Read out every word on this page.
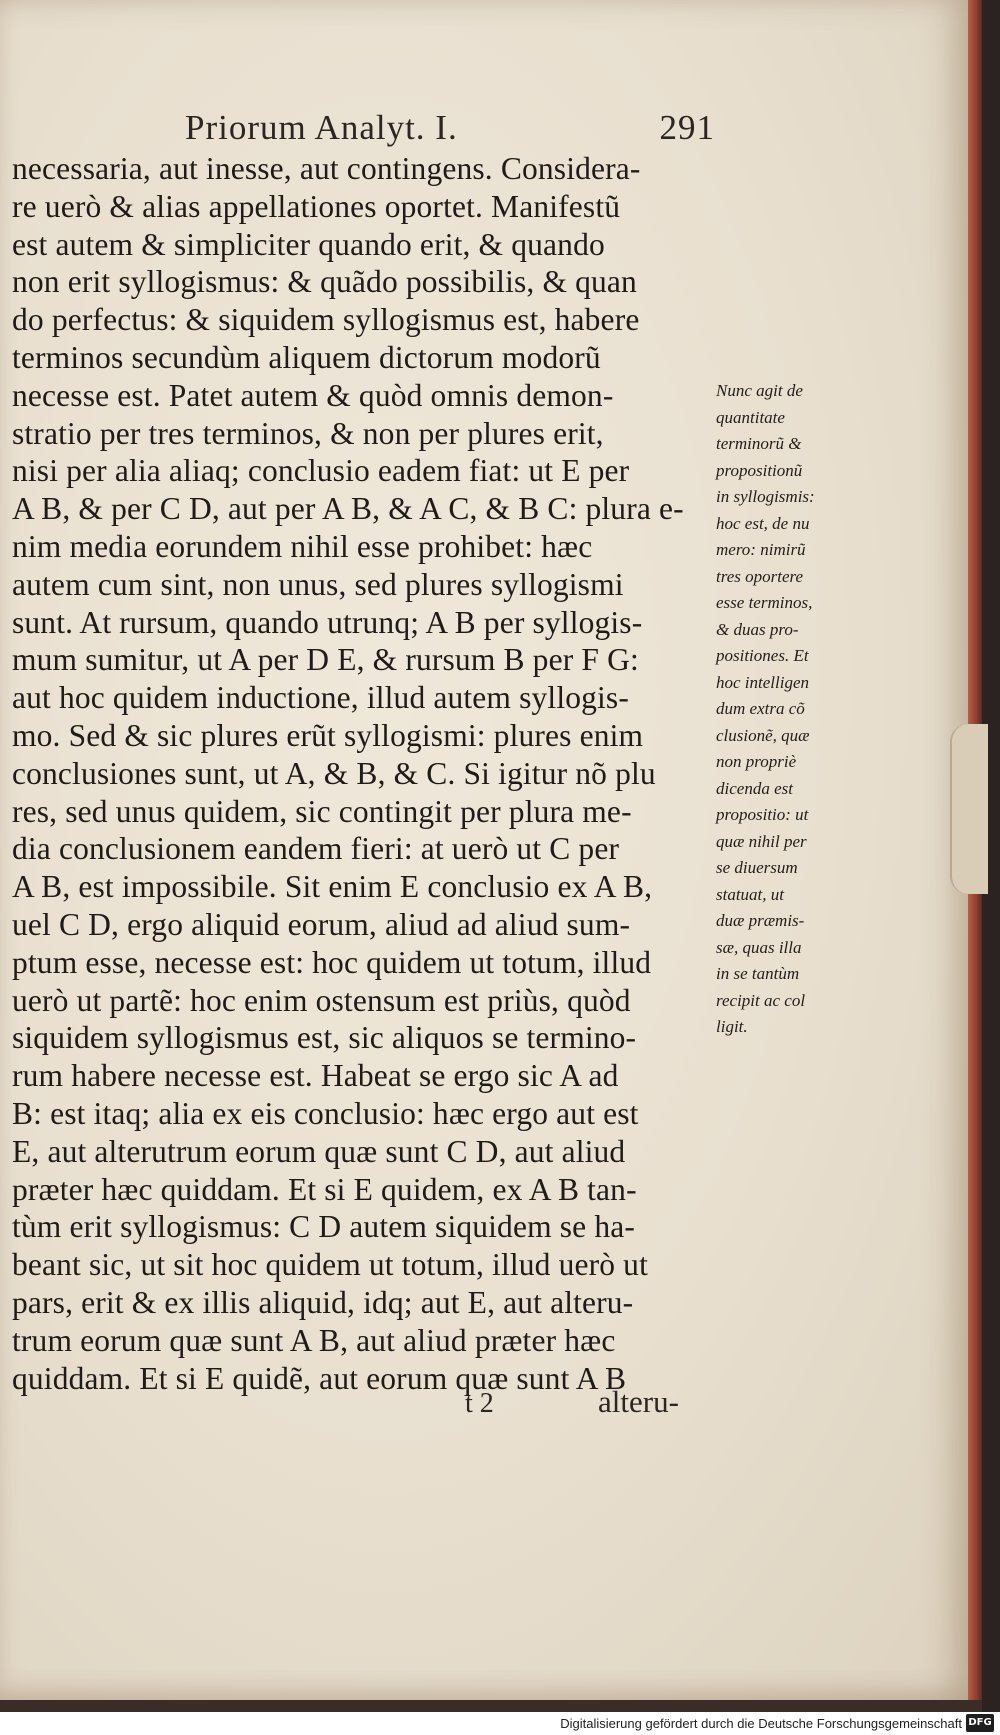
Priorum Analyt. I.	291
necessaria, aut inesse, aut contingens. Considera-
re uerò & alias appellationes oportet. Manifestũ
est autem & simpliciter quando erit, & quando
non erit syllogismus: & quãdo possibilis, & quan
do perfectus: & siquidem syllogismus est, habere
terminos secundùm aliquem dictorum modorũ
necesse est. Patet autem & quòd omnis demon-
stratio per tres terminos, & non per plures erit,
nisi per alia aliaq; conclusio eadem fiat: ut E per
A B, & per C D, aut per A B, & A C, & B C: plura e-
nim media eorundem nihil esse prohibet: hæc
autem cum sint, non unus, sed plures syllogismi
sunt. At rursum, quando utrunq; A B per syllogis-
mum sumitur, ut A per D E, & rursum B per F G:
aut hoc quidem inductione, illud autem syllogis-
mo. Sed & sic plures erũt syllogismi: plures enim
conclusiones sunt, ut A, & B, & C. Si igitur nõ plu
res, sed unus quidem, sic contingit per plura me-
dia conclusionem eandem fieri: at uerò ut C per
A B, est impossibile. Sit enim E conclusio ex A B,
uel C D, ergo aliquid eorum, aliud ad aliud sum-
ptum esse, necesse est: hoc quidem ut totum, illud
uerò ut partẽ: hoc enim ostensum est priùs, quòd
siquidem syllogismus est, sic aliquos se termino-
rum habere necesse est. Habeat se ergo sic A ad
B: est itaq; alia ex eis conclusio: hæc ergo aut est
E, aut alterutrum eorum quæ sunt C D, aut aliud
præter hæc quiddam. Et si E quidem, ex A B tan-
tùm erit syllogismus: C D autem siquidem se ha-
beant sic, ut sit hoc quidem ut totum, illud uerò ut
pars, erit & ex illis aliquid, idq; aut E, aut alteru-
trum eorum quæ sunt A B, aut aliud præter hæc
quiddam. Et si E quidẽ, aut eorum quæ sunt A B
Nunc agit de
quantitate
terminorũ &
propositionũ
in syllogismis:
hoc est, de nu
mero: nimirũ
tres oportere
esse terminos,
& duas pro-
positiones. Et
hoc intelligen
dum extra cõ
clusionẽ, quæ
non propriè
dicenda est
propositio: ut
quæ nihil per
se diuersum
statuat, ut
duæ præmis-
sæ, quas illa
in se tantùm
recipit ac col
ligit.
t 2	alteru-
Digitalisierung gefördert durch die Deutsche Forschungsgemeinschaft DFG
